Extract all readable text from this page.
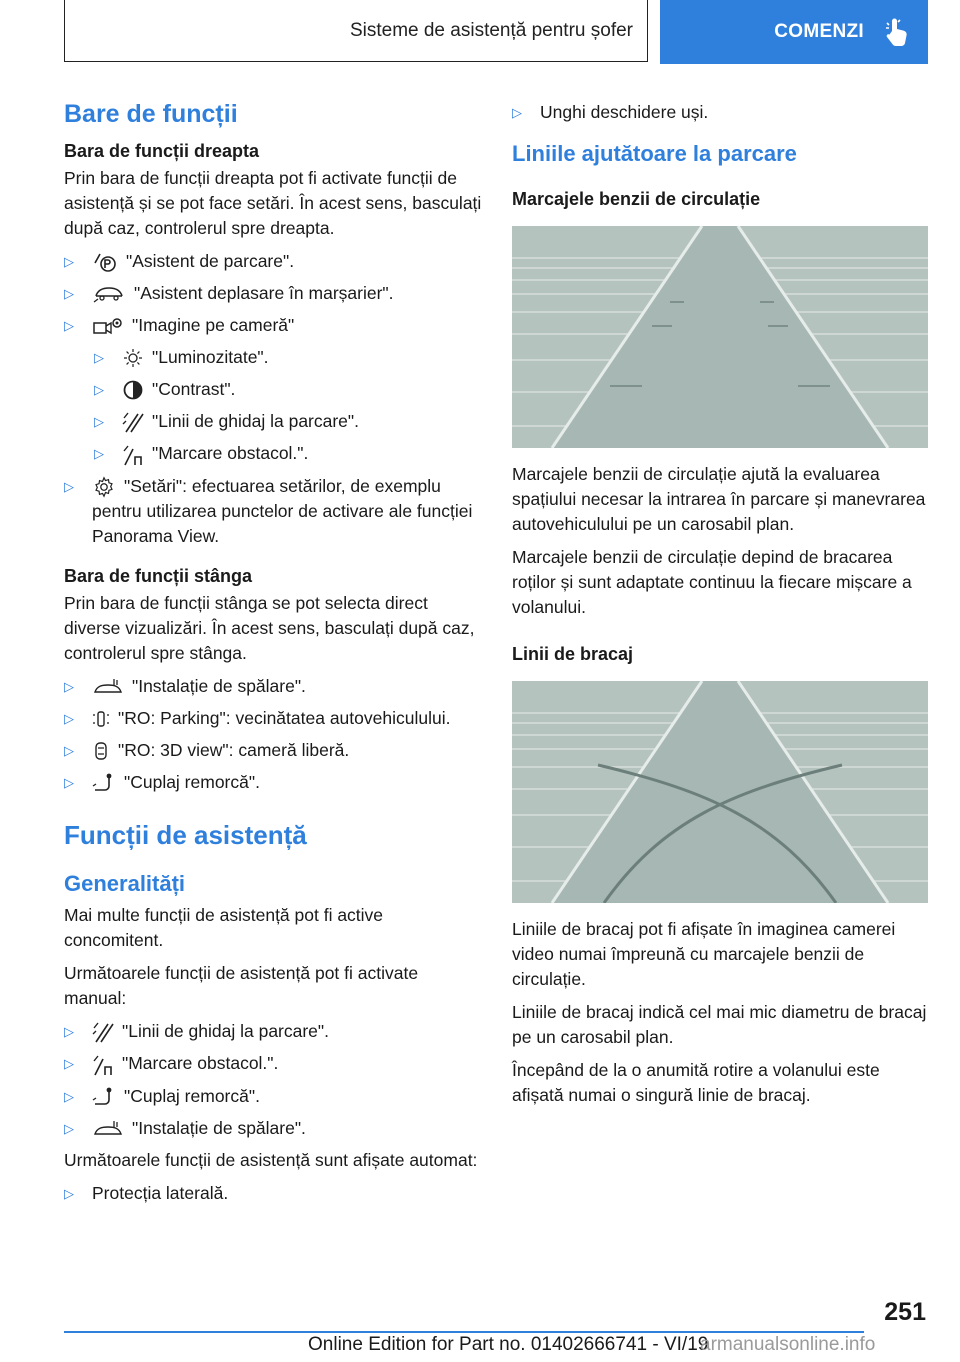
Sisteme de asistență pentru șofer	COMENZI
Bare de funcții
Bara de funcții dreapta

Prin bara de funcții dreapta pot fi activate funcții de asistență și se pot face setări. În acest sens, basculați după caz, controlerul spre dreapta.

▷	"Asistent de parcare".
▷	"Asistent deplasare în marșarier".
▷	"Imagine pe cameră"
▷	"Luminozitate".
▷	"Contrast".
▷	"Linii de ghidaj la parcare".
▷	"Marcare obstacol.".
▷	"Setări": efectuarea setărilor, de exemplu pentru utilizarea punctelor de activare ale funcției Panorama View.
Bara de funcții stânga

Prin bara de funcții stânga se pot selecta direct diverse vizualizări. În acest sens, basculați după caz, controlerul spre stânga.

▷	"Instalație de spălare".
▷	"RO: Parking": vecinătatea autovehiculului.
▷	"RO: 3D view": cameră liberă.
▷	"Cuplaj remorcă".
Funcții de asistență
Generalități

Mai multe funcții de asistență pot fi active concomitent.

Următoarele funcții de asistență pot fi activate manual:

▷	"Linii de ghidaj la parcare".
▷	"Marcare obstacol.".
▷	"Cuplaj remorcă".
▷	"Instalație de spălare".

Următoarele funcții de asistență sunt afișate automat:

▷	Protecția laterală.
▷	Unghi deschidere uși.
Liniile ajutătoare la parcare
Marcajele benzii de circulație

Marcajele benzii de circulație ajută la evaluarea spațiului necesar la intrarea în parcare și manevrarea autovehiculului pe un carosabil plan.

Marcajele benzii de circulație depind de bracarea roților și sunt adaptate continuu la fiecare mișcare a volanului.

Linii de bracaj

Liniile de bracaj pot fi afișate în imaginea camerei video numai împreună cu marcajele benzii de circulație.

Liniile de bracaj indică cel mai mic diametru de bracaj pe un carosabil plan.

Începând de la o anumită rotire a volanului este afișată numai o singură linie de bracaj.

251
Online Edition for Part no. 01402666741 - VI/19
armanualsonline.info
